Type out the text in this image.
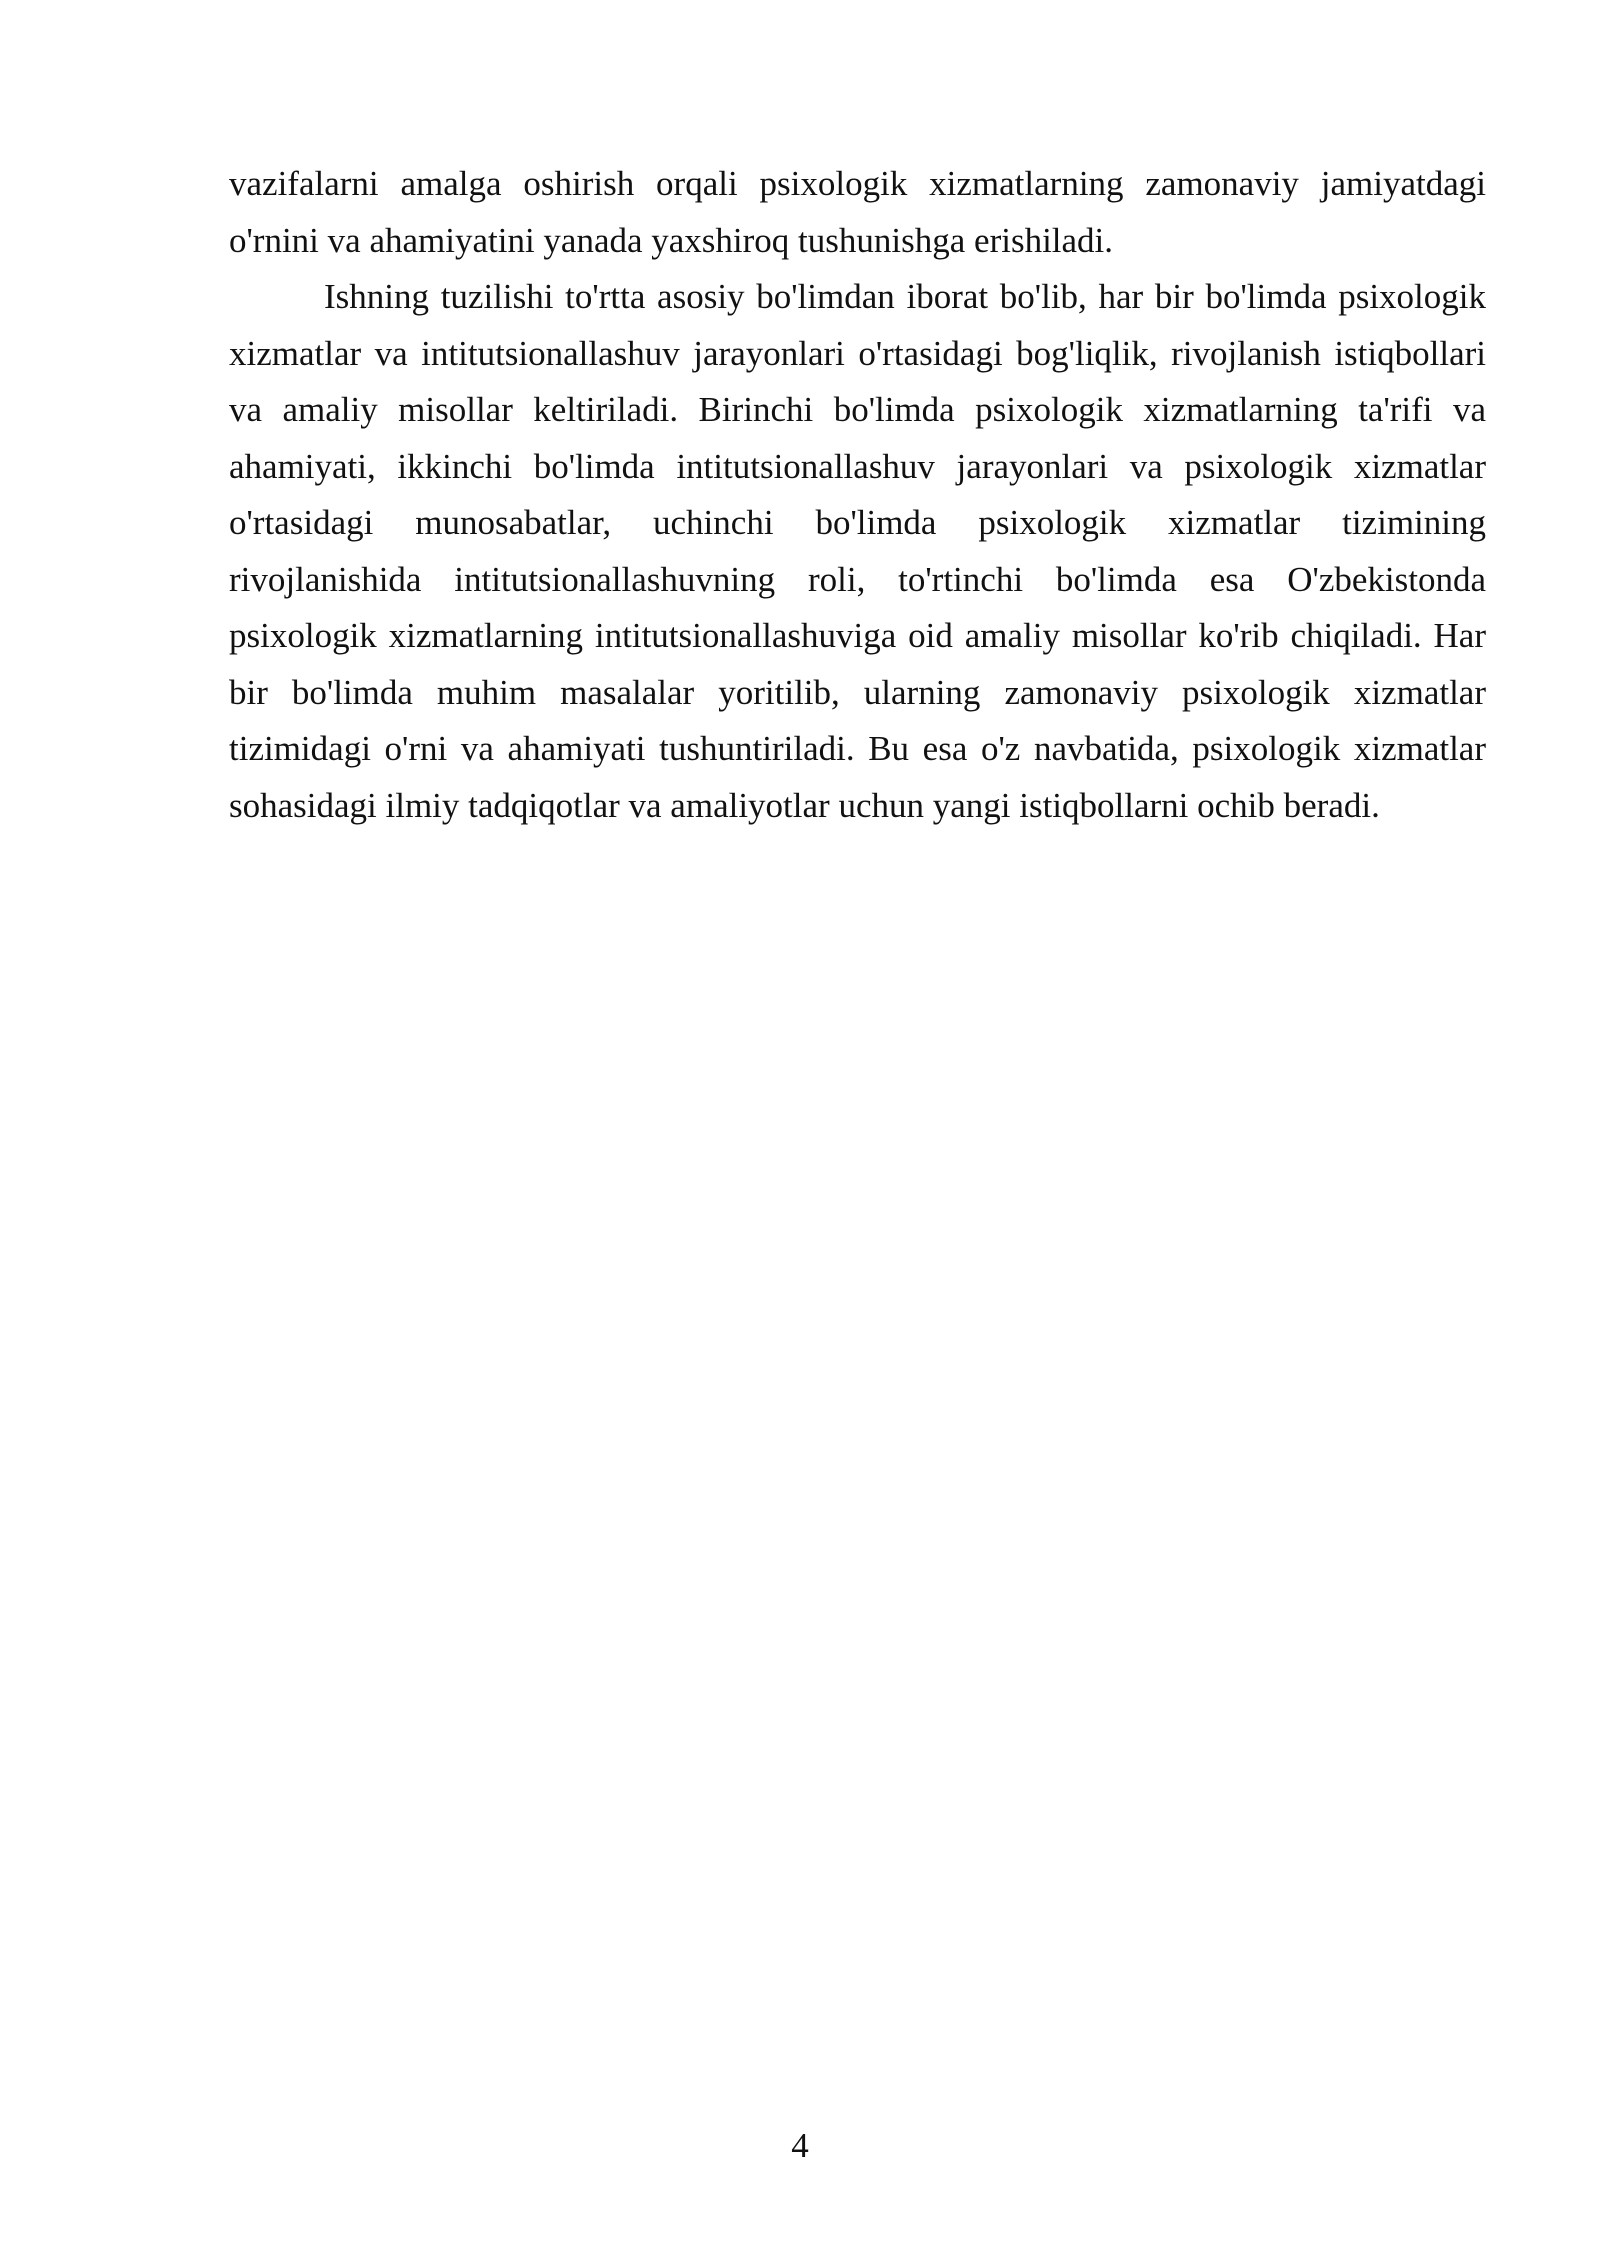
vazifalarni amalga oshirish orqali psixologik xizmatlarning zamonaviy jamiyatdagi o'rnini va ahamiyatini yanada yaxshiroq tushunishga erishiladi.

Ishning tuzilishi to'rtta asosiy bo'limdan iborat bo'lib, har bir bo'limda psixologik xizmatlar va intitutsionallashuv jarayonlari o'rtasidagi bog'liqlik, rivojlanish istiqbollari va amaliy misollar keltiriladi. Birinchi bo'limda psixologik xizmatlarning ta'rifi va ahamiyati, ikkinchi bo'limda intitutsionallashuv jarayonlari va psixologik xizmatlar o'rtasidagi munosabatlar, uchinchi bo'limda psixologik xizmatlar tizimining rivojlanishida intitutsionallashuvning roli, to'rtinchi bo'limda esa O'zbekistonda psixologik xizmatlarning intitutsionallashuviga oid amaliy misollar ko'rib chiqiladi. Har bir bo'limda muhim masalalar yoritilib, ularning zamonaviy psixologik xizmatlar tizimidagi o'rni va ahamiyati tushuntiriladi. Bu esa o'z navbatida, psixologik xizmatlar sohasidagi ilmiy tadqiqotlar va amaliyotlar uchun yangi istiqbollarni ochib beradi.

4
